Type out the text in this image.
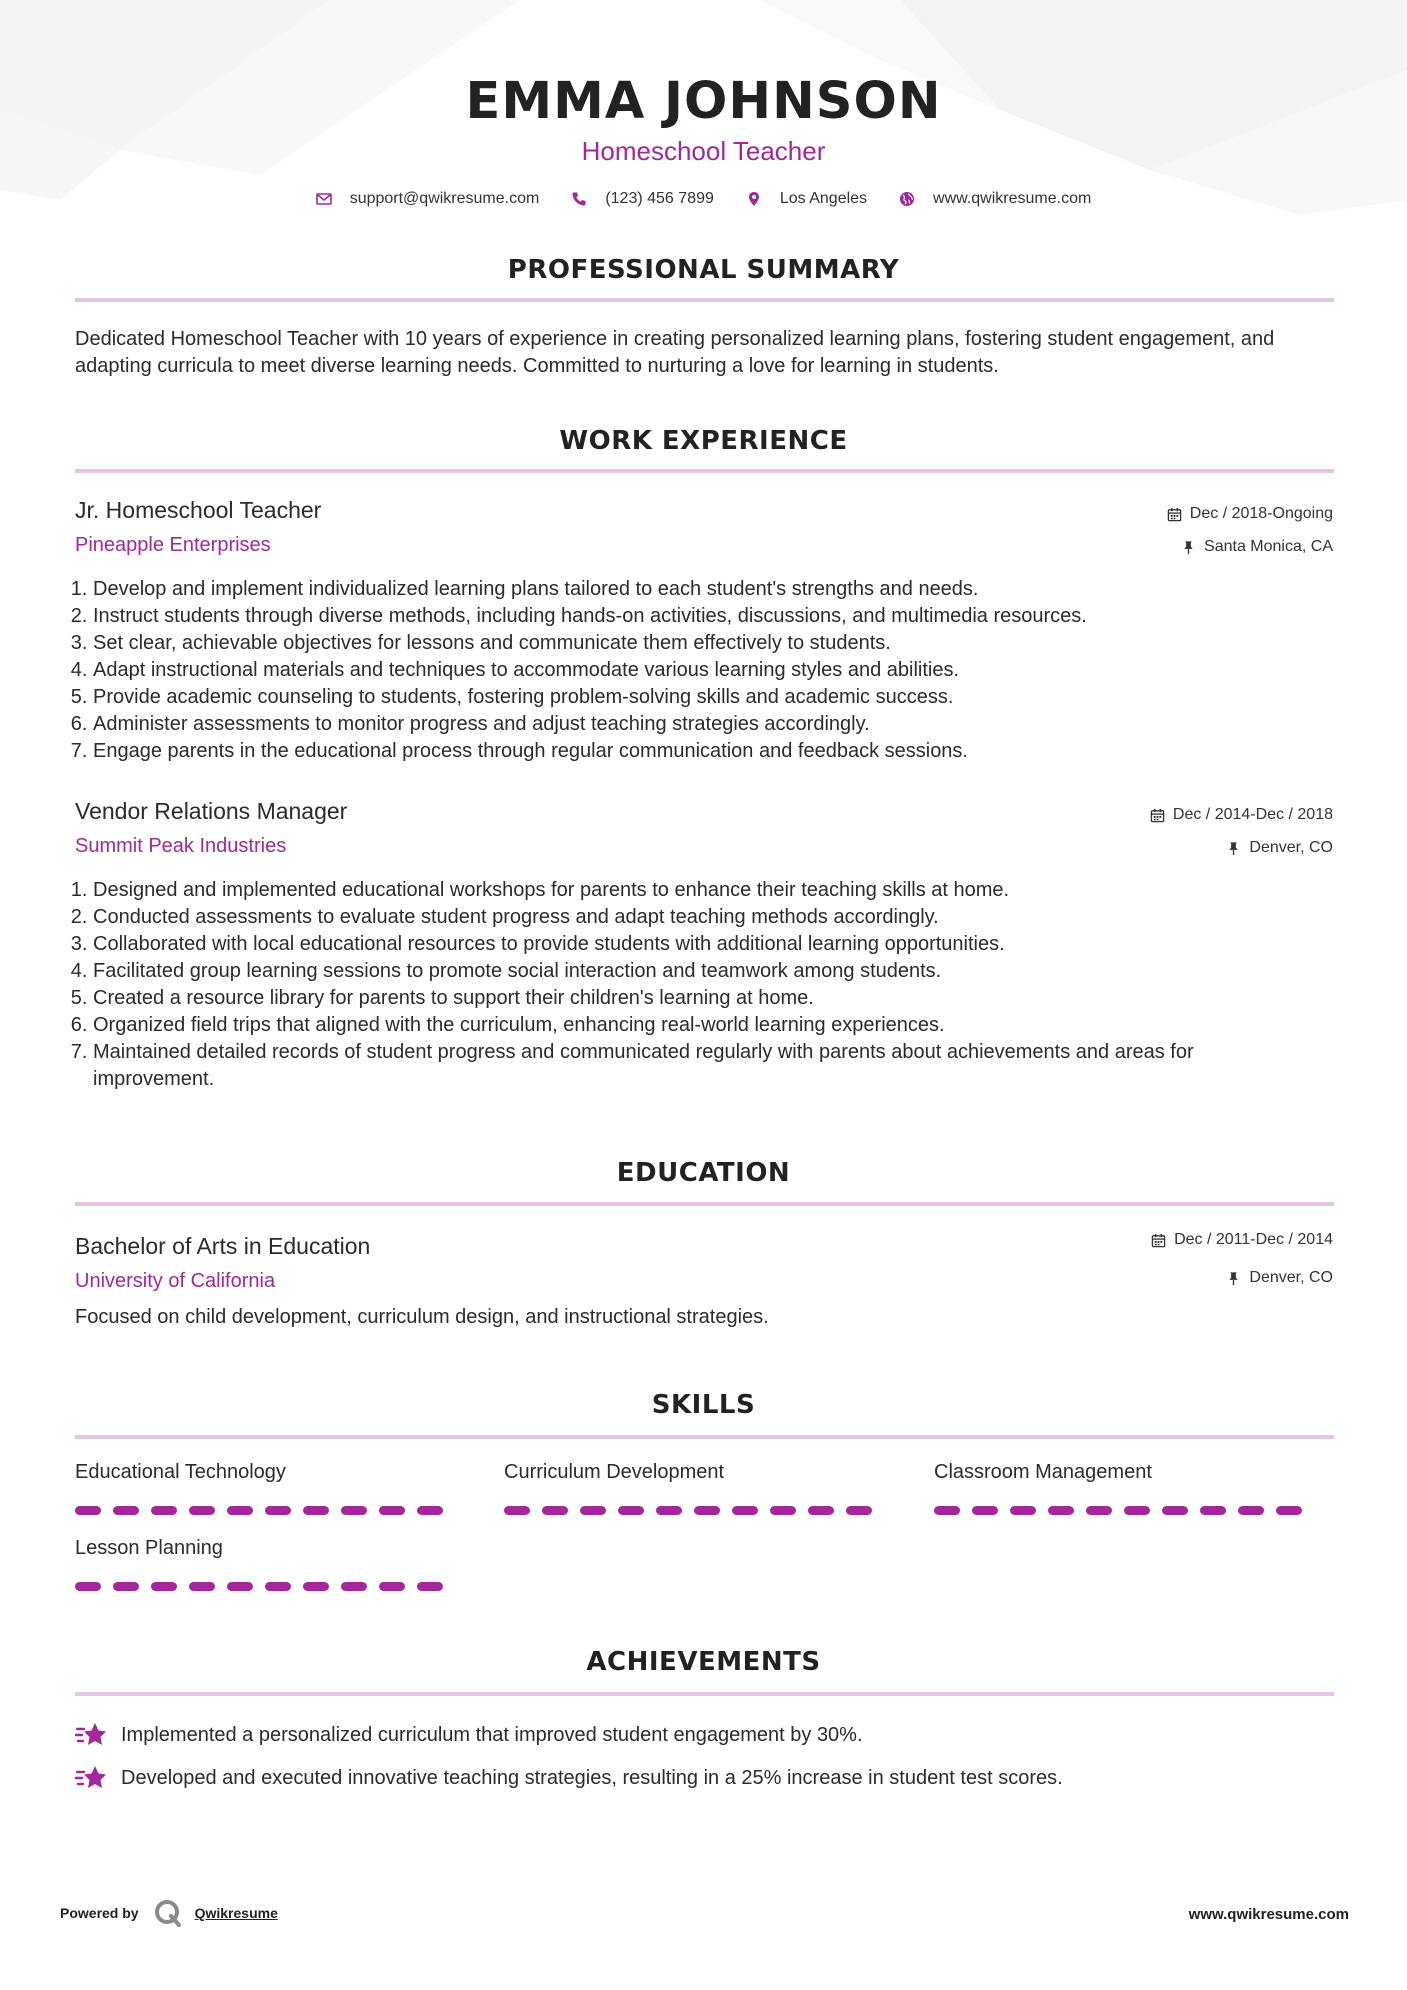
EMMA JOHNSON
Homeschool Teacher
support@qwikresume.com	(123) 456 7899	Los Angeles	www.qwikresume.com
PROFESSIONAL SUMMARY

Dedicated Homeschool Teacher with 10 years of experience in creating personalized learning plans, fostering student engagement, and adapting curricula to meet diverse learning needs. Committed to nurturing a love for learning in students.

WORK EXPERIENCE
Jr. Homeschool Teacher
Pineapple Enterprises
Dec / 2018-Ongoing
Santa Monica, CA
1. Develop and implement individualized learning plans tailored to each student's strengths and needs.
2. Instruct students through diverse methods, including hands-on activities, discussions, and multimedia resources.
3. Set clear, achievable objectives for lessons and communicate them effectively to students.
4. Adapt instructional materials and techniques to accommodate various learning styles and abilities.
5. Provide academic counseling to students, fostering problem-solving skills and academic success.
6. Administer assessments to monitor progress and adjust teaching strategies accordingly.
7. Engage parents in the educational process through regular communication and feedback sessions.
Vendor Relations Manager
Summit Peak Industries
Dec / 2014-Dec / 2018
Denver, CO
1. Designed and implemented educational workshops for parents to enhance their teaching skills at home.
2. Conducted assessments to evaluate student progress and adapt teaching methods accordingly.
3. Collaborated with local educational resources to provide students with additional learning opportunities.
4. Facilitated group learning sessions to promote social interaction and teamwork among students.
5. Created a resource library for parents to support their children's learning at home.
6. Organized field trips that aligned with the curriculum, enhancing real-world learning experiences.
7. Maintained detailed records of student progress and communicated regularly with parents about achievements and areas for improvement.
EDUCATION
Bachelor of Arts in Education
University of California
Dec / 2011-Dec / 2014
Denver, CO

Focused on child development, curriculum design, and instructional strategies.

SKILLS
Educational Technology	Curriculum Development	Classroom Management
Lesson Planning
ACHIEVEMENTS
Implemented a personalized curriculum that improved student engagement by 30%.
Developed and executed innovative teaching strategies, resulting in a 25% increase in student test scores.
Powered by	Qwikresume	www.qwikresume.com
